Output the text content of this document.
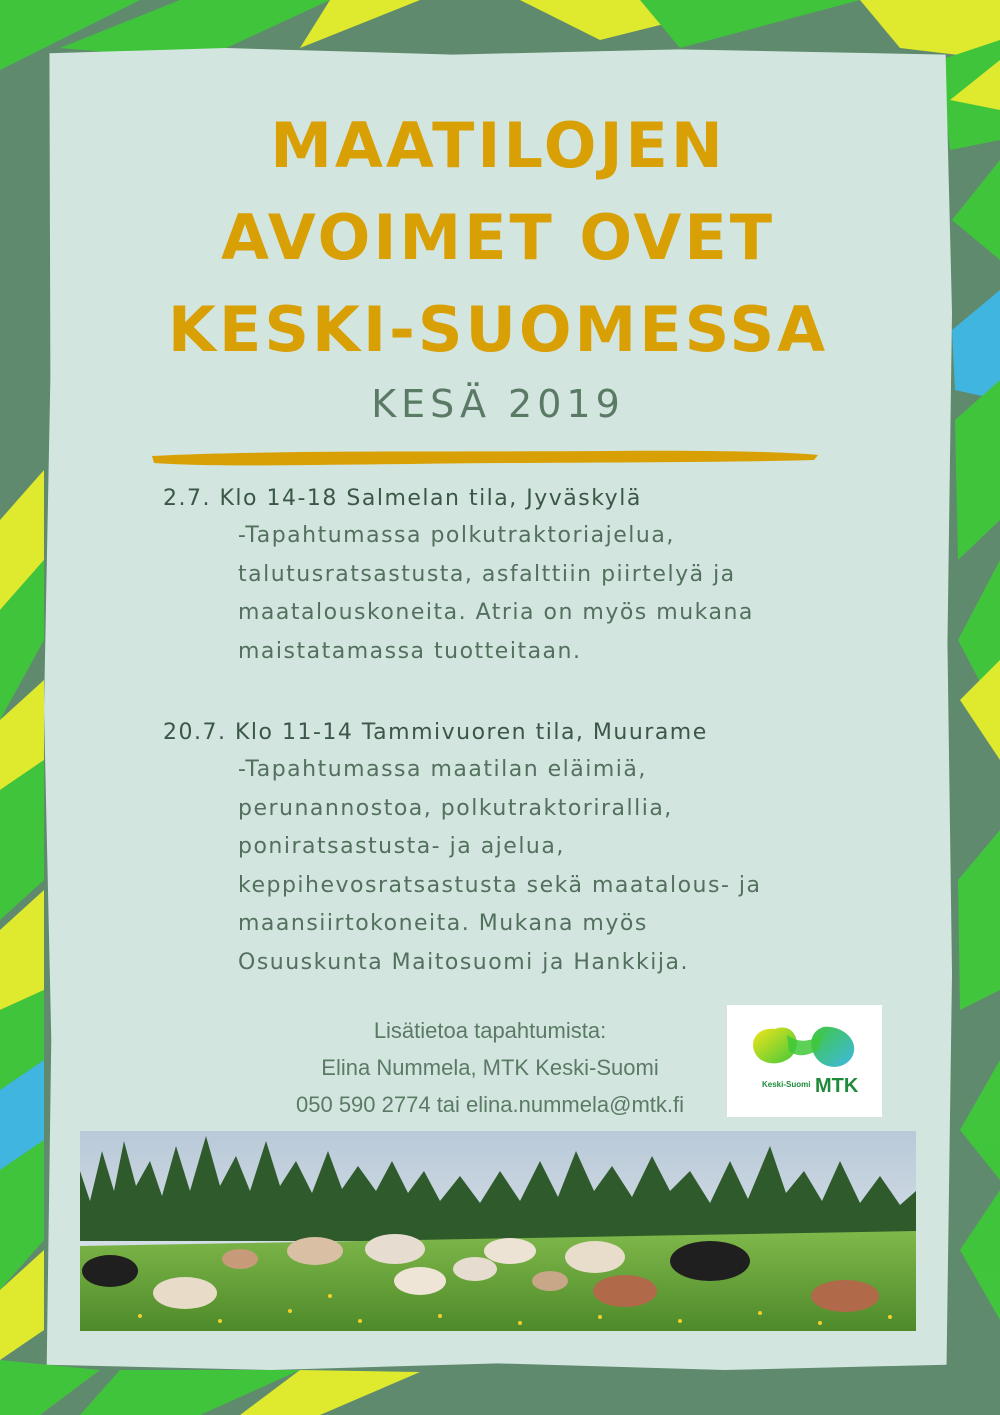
MAATILOJEN
AVOIMET OVET
KESKI-SUOMESSA

KESÄ 2019

2.7. Klo 14-18 Salmelan tila, Jyväskylä
-Tapahtumassa polkutraktoriajelua,
talutusratsastusta, asfalttiin piirtelyä ja
maatalouskoneita. Atria on myös mukana
maistatamassa tuotteitaan.
20.7. Klo 11-14 Tammivuoren tila, Muurame
-Tapahtumassa maatilan eläimiä,
perunannostoa, polkutraktorirallia,
poniratsastusta- ja ajelua,
keppihevosratsastusta sekä maatalous- ja
maansiirtokoneita. Mukana myös
Osuuskunta Maitosuomi ja Hankkija.
Lisätietoa tapahtumista:
Elina Nummela, MTK Keski-Suomi
050 590 2774 tai elina.nummela@mtk.fi
Keski-Suomi MTK
